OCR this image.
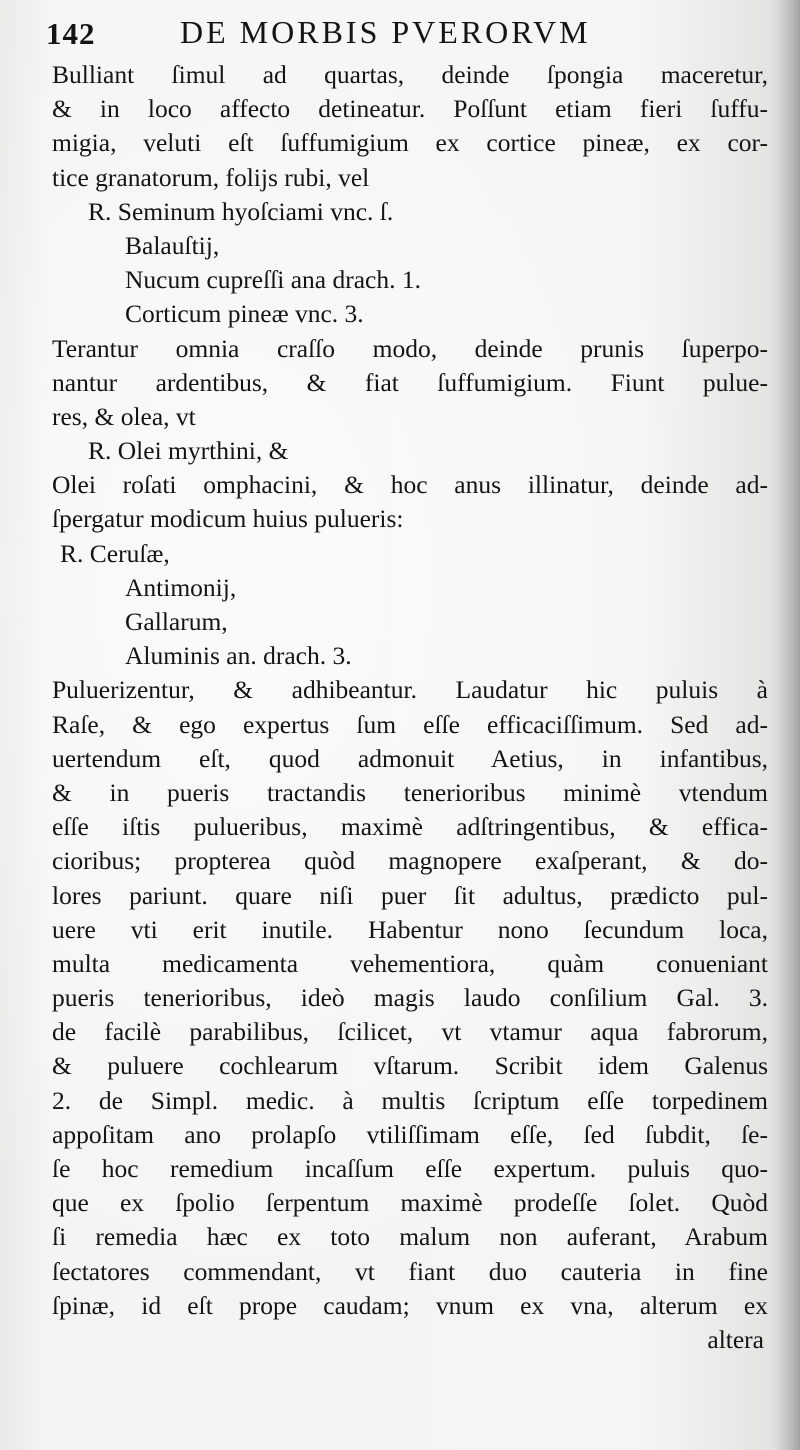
142	DE MORBIS PVERORVM
Bulliant ſimul ad quartas, deinde ſpongia maceretur,
& in loco affecto detineatur. Poſſunt etiam fieri ſuffu-
migia, veluti eſt ſuffumigium ex cortice pineæ, ex cor-
tice granatorum, folijs rubi, vel
R. Seminum hyoſciami vnc. ſ.
Balauſtij,
Nucum cupreſſi ana drach. 1.
Corticum pineæ vnc. 3.
Terantur omnia craſſo modo, deinde prunis ſuperpo-
nantur ardentibus, & fiat ſuffumigium. Fiunt pulue-
res, & olea, vt
R. Olei myrthini, &
Olei roſati omphacini, & hoc anus illinatur, deinde ad-
ſpergatur modicum huius pulueris:
R. Ceruſæ,
Antimonij,
Gallarum,
Aluminis an. drach. 3.
Puluerizentur, & adhibeantur. Laudatur hic puluis à
Raſe, & ego expertus ſum eſſe efficaciſſimum. Sed ad-
uertendum eſt, quod admonuit Aetius, in infantibus,
& in pueris tractandis tenerioribus minimè vtendum
eſſe iſtis pulueribus, maximè adſtringentibus, & effica-
cioribus; propterea quòd magnopere exaſperant, & do-
lores pariunt. quare niſi puer ſit adultus, prædicto pul-
uere vti erit inutile. Habentur nono ſecundum loca,
multa medicamenta vehementiora, quàm conueniant
pueris tenerioribus, ideò magis laudo conſilium Gal. 3.
de facilè parabilibus, ſcilicet, vt vtamur aqua fabrorum,
& puluere cochlearum vſtarum. Scribit idem Galenus
2. de Simpl. medic. à multis ſcriptum eſſe torpedinem
appoſitam ano prolapſo vtiliſſimam eſſe, ſed ſubdit, ſe-
ſe hoc remedium incaſſum eſſe expertum. puluis quo-
que ex ſpolio ſerpentum maximè prodeſſe ſolet. Quòd
ſi remedia hæc ex toto malum non auferant, Arabum
ſectatores commendant, vt fiant duo cauteria in fine
ſpinæ, id eſt prope caudam; vnum ex vna, alterum ex
altera
